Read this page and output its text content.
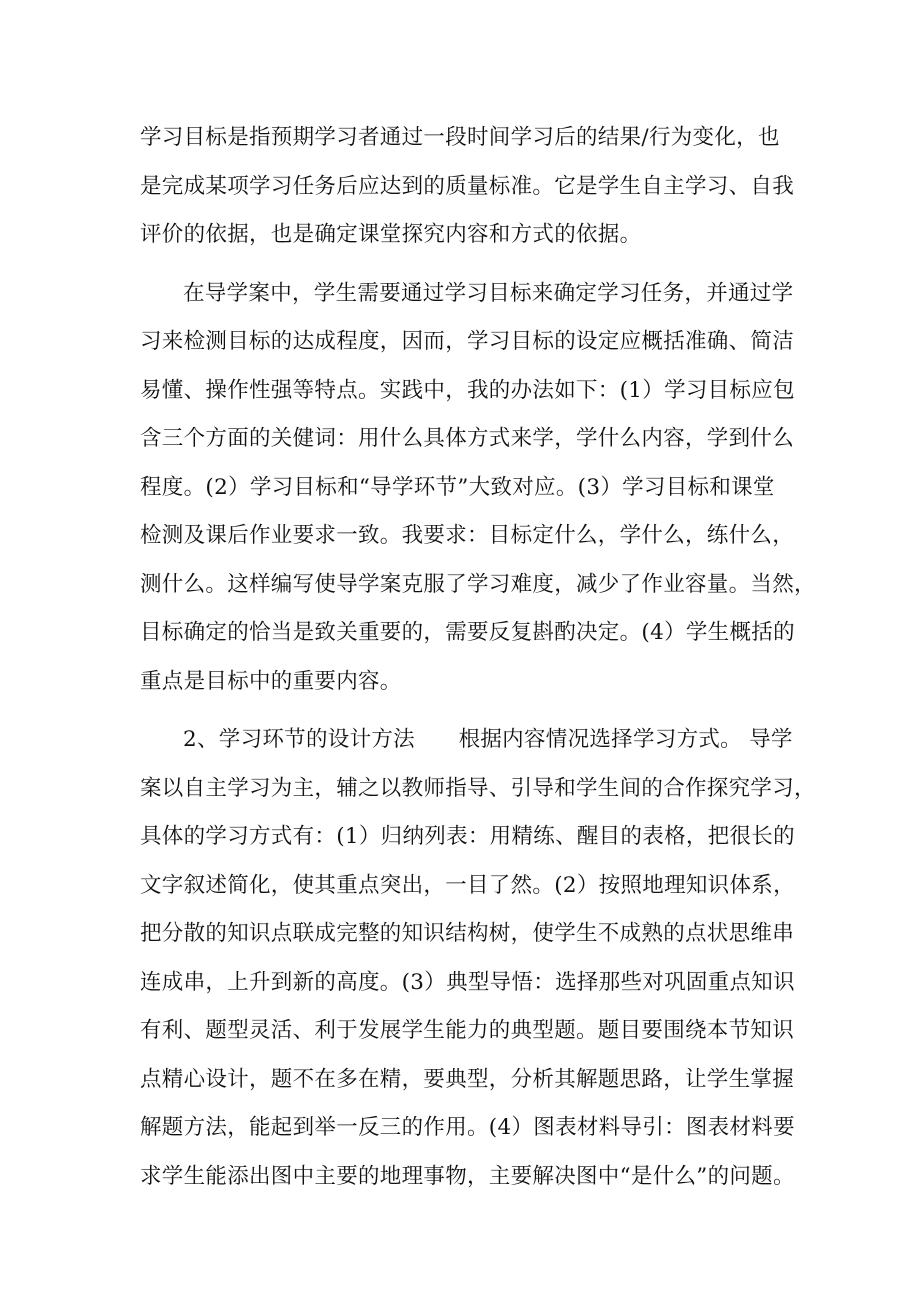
学习目标是指预期学习者通过一段时间学习后的结果/行为变化，也
是完成某项学习任务后应达到的质量标准。它是学生自主学习、自我
评价的依据，也是确定课堂探究内容和方式的依据。
在导学案中，学生需要通过学习目标来确定学习任务，并通过学
习来检测目标的达成程度，因而，学习目标的设定应概括准确、简洁
易懂、操作性强等特点。实践中，我的办法如下：(1）学习目标应包
含三个方面的关健词：用什么具体方式来学，学什么内容，学到什么
程度。(2）学习目标和“导学环节”大致对应。(3）学习目标和课堂
检测及课后作业要求一致。我要求：目标定什么，学什么，练什么，
测什么。这样编写使导学案克服了学习难度，减少了作业容量。当然，
目标确定的恰当是致关重要的，需要反复斟酌决定。(4）学生概括的
重点是目标中的重要内容。
2、学习环节的设计方法　　根据内容情况选择学习方式。 导学
案以自主学习为主，辅之以教师指导、引导和学生间的合作探究学习，
具体的学习方式有：(1）归纳列表：用精练、醒目的表格，把很长的
文字叙述简化，使其重点突出，一目了然。(2）按照地理知识体系，
把分散的知识点联成完整的知识结构树，使学生不成熟的点状思维串
连成串，上升到新的高度。(3）典型导悟：选择那些对巩固重点知识
有利、题型灵活、利于发展学生能力的典型题。题目要围绕本节知识
点精心设计，题不在多在精，要典型，分析其解题思路，让学生掌握
解题方法，能起到举一反三的作用。(4）图表材料导引：图表材料要
求学生能添出图中主要的地理事物，主要解决图中“是什么”的问题。
